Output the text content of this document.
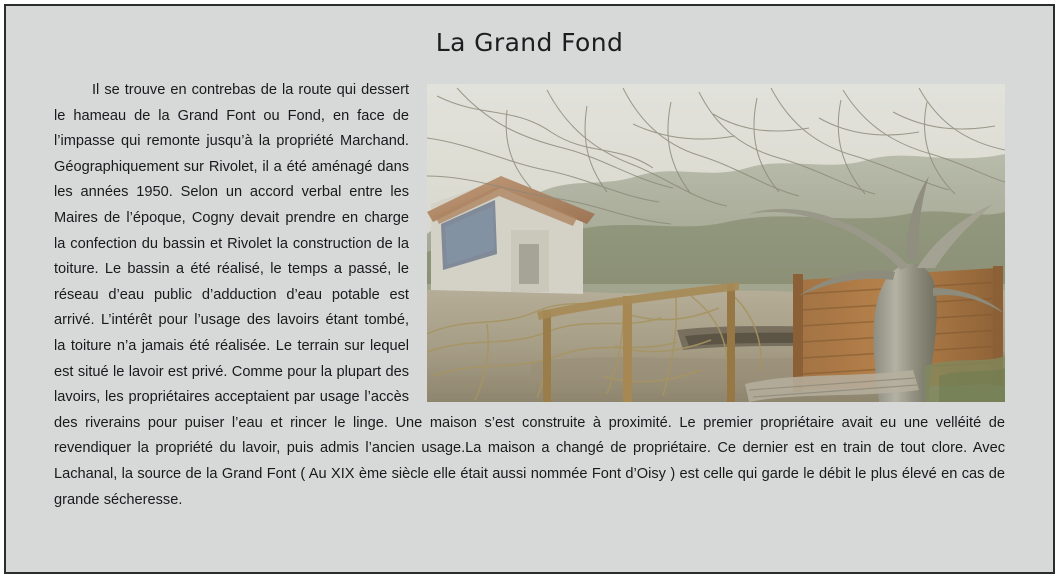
La Grand Fond

Il se trouve en contrebas de la route qui dessert le hameau de la Grand Font ou Fond, en face de l’impasse qui remonte jusqu’à la propriété Marchand. Géographiquement sur Rivolet, il a été aménagé dans les années 1950. Selon un accord verbal entre les Maires de l’époque, Cogny devait prendre en charge la confection du bassin et Rivolet la construction de la toiture. Le bassin a été réalisé, le temps a passé, le réseau d’eau public d’adduction d’eau potable est arrivé. L’intérêt pour l’usage des lavoirs étant tombé, la toiture n’a jamais été réalisée. Le terrain sur lequel est situé le lavoir est privé. Comme pour la plupart des lavoirs, les propriétaires acceptaient par usage l’accès des riverains pour puiser l’eau et rincer le linge. Une maison s’est construite à proximité. Le premier propriétaire avait eu une velléité de revendiquer la propriété du lavoir, puis admis l’ancien usage.La maison a changé de propriétaire. Ce dernier est en train de tout clore. Avec Lachanal, la source de la Grand Font ( Au XIX ème siècle elle était aussi nommée Font d’Oisy ) est celle qui garde le débit le plus élevé en cas de grande sécheresse.
